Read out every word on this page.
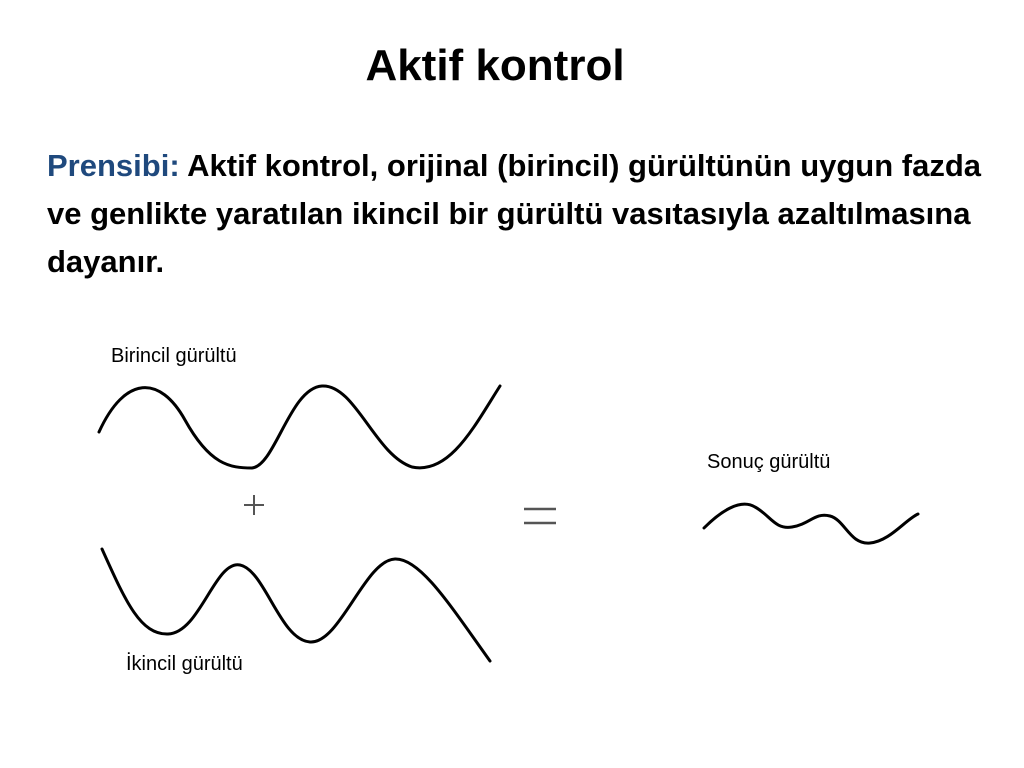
Aktif kontrol
Prensibi: Aktif kontrol, orijinal (birincil) gürültünün uygun fazda ve genlikte yaratılan ikincil bir gürültü vasıtasıyla azaltılmasına dayanır.
Birincil gürültü
İkincil gürültü
Sonuç gürültü
